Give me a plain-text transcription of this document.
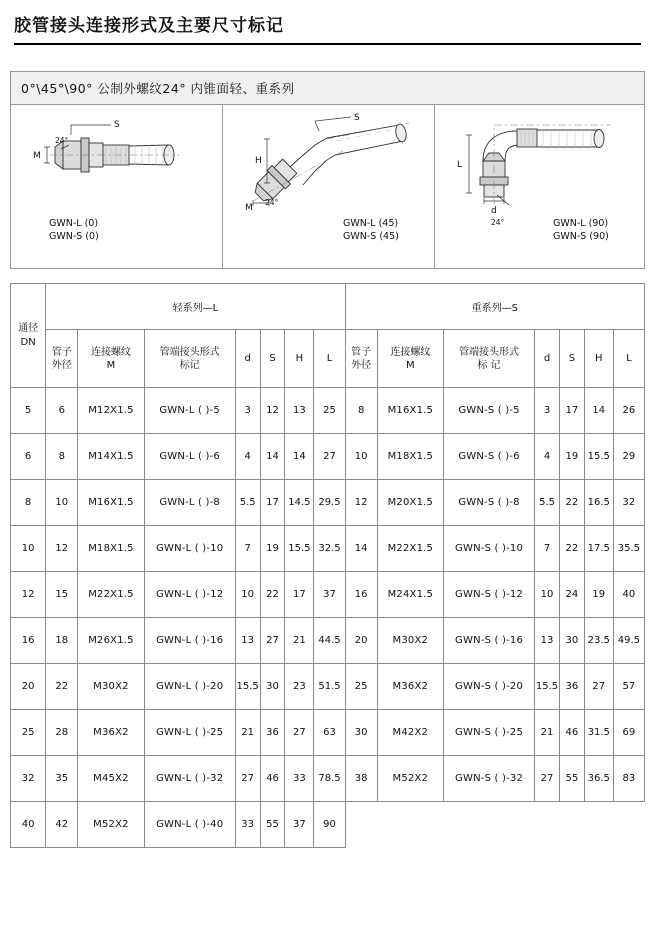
胶管接头连接形式及主要尺寸标记
0°\45°\90° 公制外螺纹24° 内锥面轻、重系列
S
M
24°
GWN-L (0)
GWN-S (0)
S
H
M
24°
GWN-L (45)
GWN-S (45)
L
d
24°	GWN-L (90)
GWN-S (90)
通径
DN	轻系列—L							重系列—S						

管子
外径

连接螺纹
M

管端接头形式
标记
	d	S	H	L	
管子
外径

连接螺纹
M

管端接头形式
标 记
	d	S	H	L
5	6	M12X1.5	GWN-L ( )-5	3	12	13	25	8	M16X1.5	GWN-S ( )-5	3	17	14	26
6	8	M14X1.5	GWN-L ( )-6	4	14	14	27	10	M18X1.5	GWN-S ( )-6	4	19	15.5	29
8	10	M16X1.5	GWN-L ( )-8	5.5	17	14.5	29.5	12	M20X1.5	GWN-S ( )-8	5.5	22	16.5	32
10	12	M18X1.5	GWN-L ( )-10	7	19	15.5	32.5	14	M22X1.5	GWN-S ( )-10	7	22	17.5	35.5
12	15	M22X1.5	GWN-L ( )-12	10	22	17	37	16	M24X1.5	GWN-S ( )-12	10	24	19	40
16	18	M26X1.5	GWN-L ( )-16	13	27	21	44.5	20	M30X2	GWN-S ( )-16	13	30	23.5	49.5
20	22	M30X2	GWN-L ( )-20	15.5	30	23	51.5	25	M36X2	GWN-S ( )-20	15.5	36	27	57
25	28	M36X2	GWN-L ( )-25	21	36	27	63	30	M42X2	GWN-S ( )-25	21	46	31.5	69
32	35	M45X2	GWN-L ( )-32	27	46	33	78.5	38	M52X2	GWN-S ( )-32	27	55	36.5	83
40	42	M52X2	GWN-L ( )-40	33	55	37	90							
